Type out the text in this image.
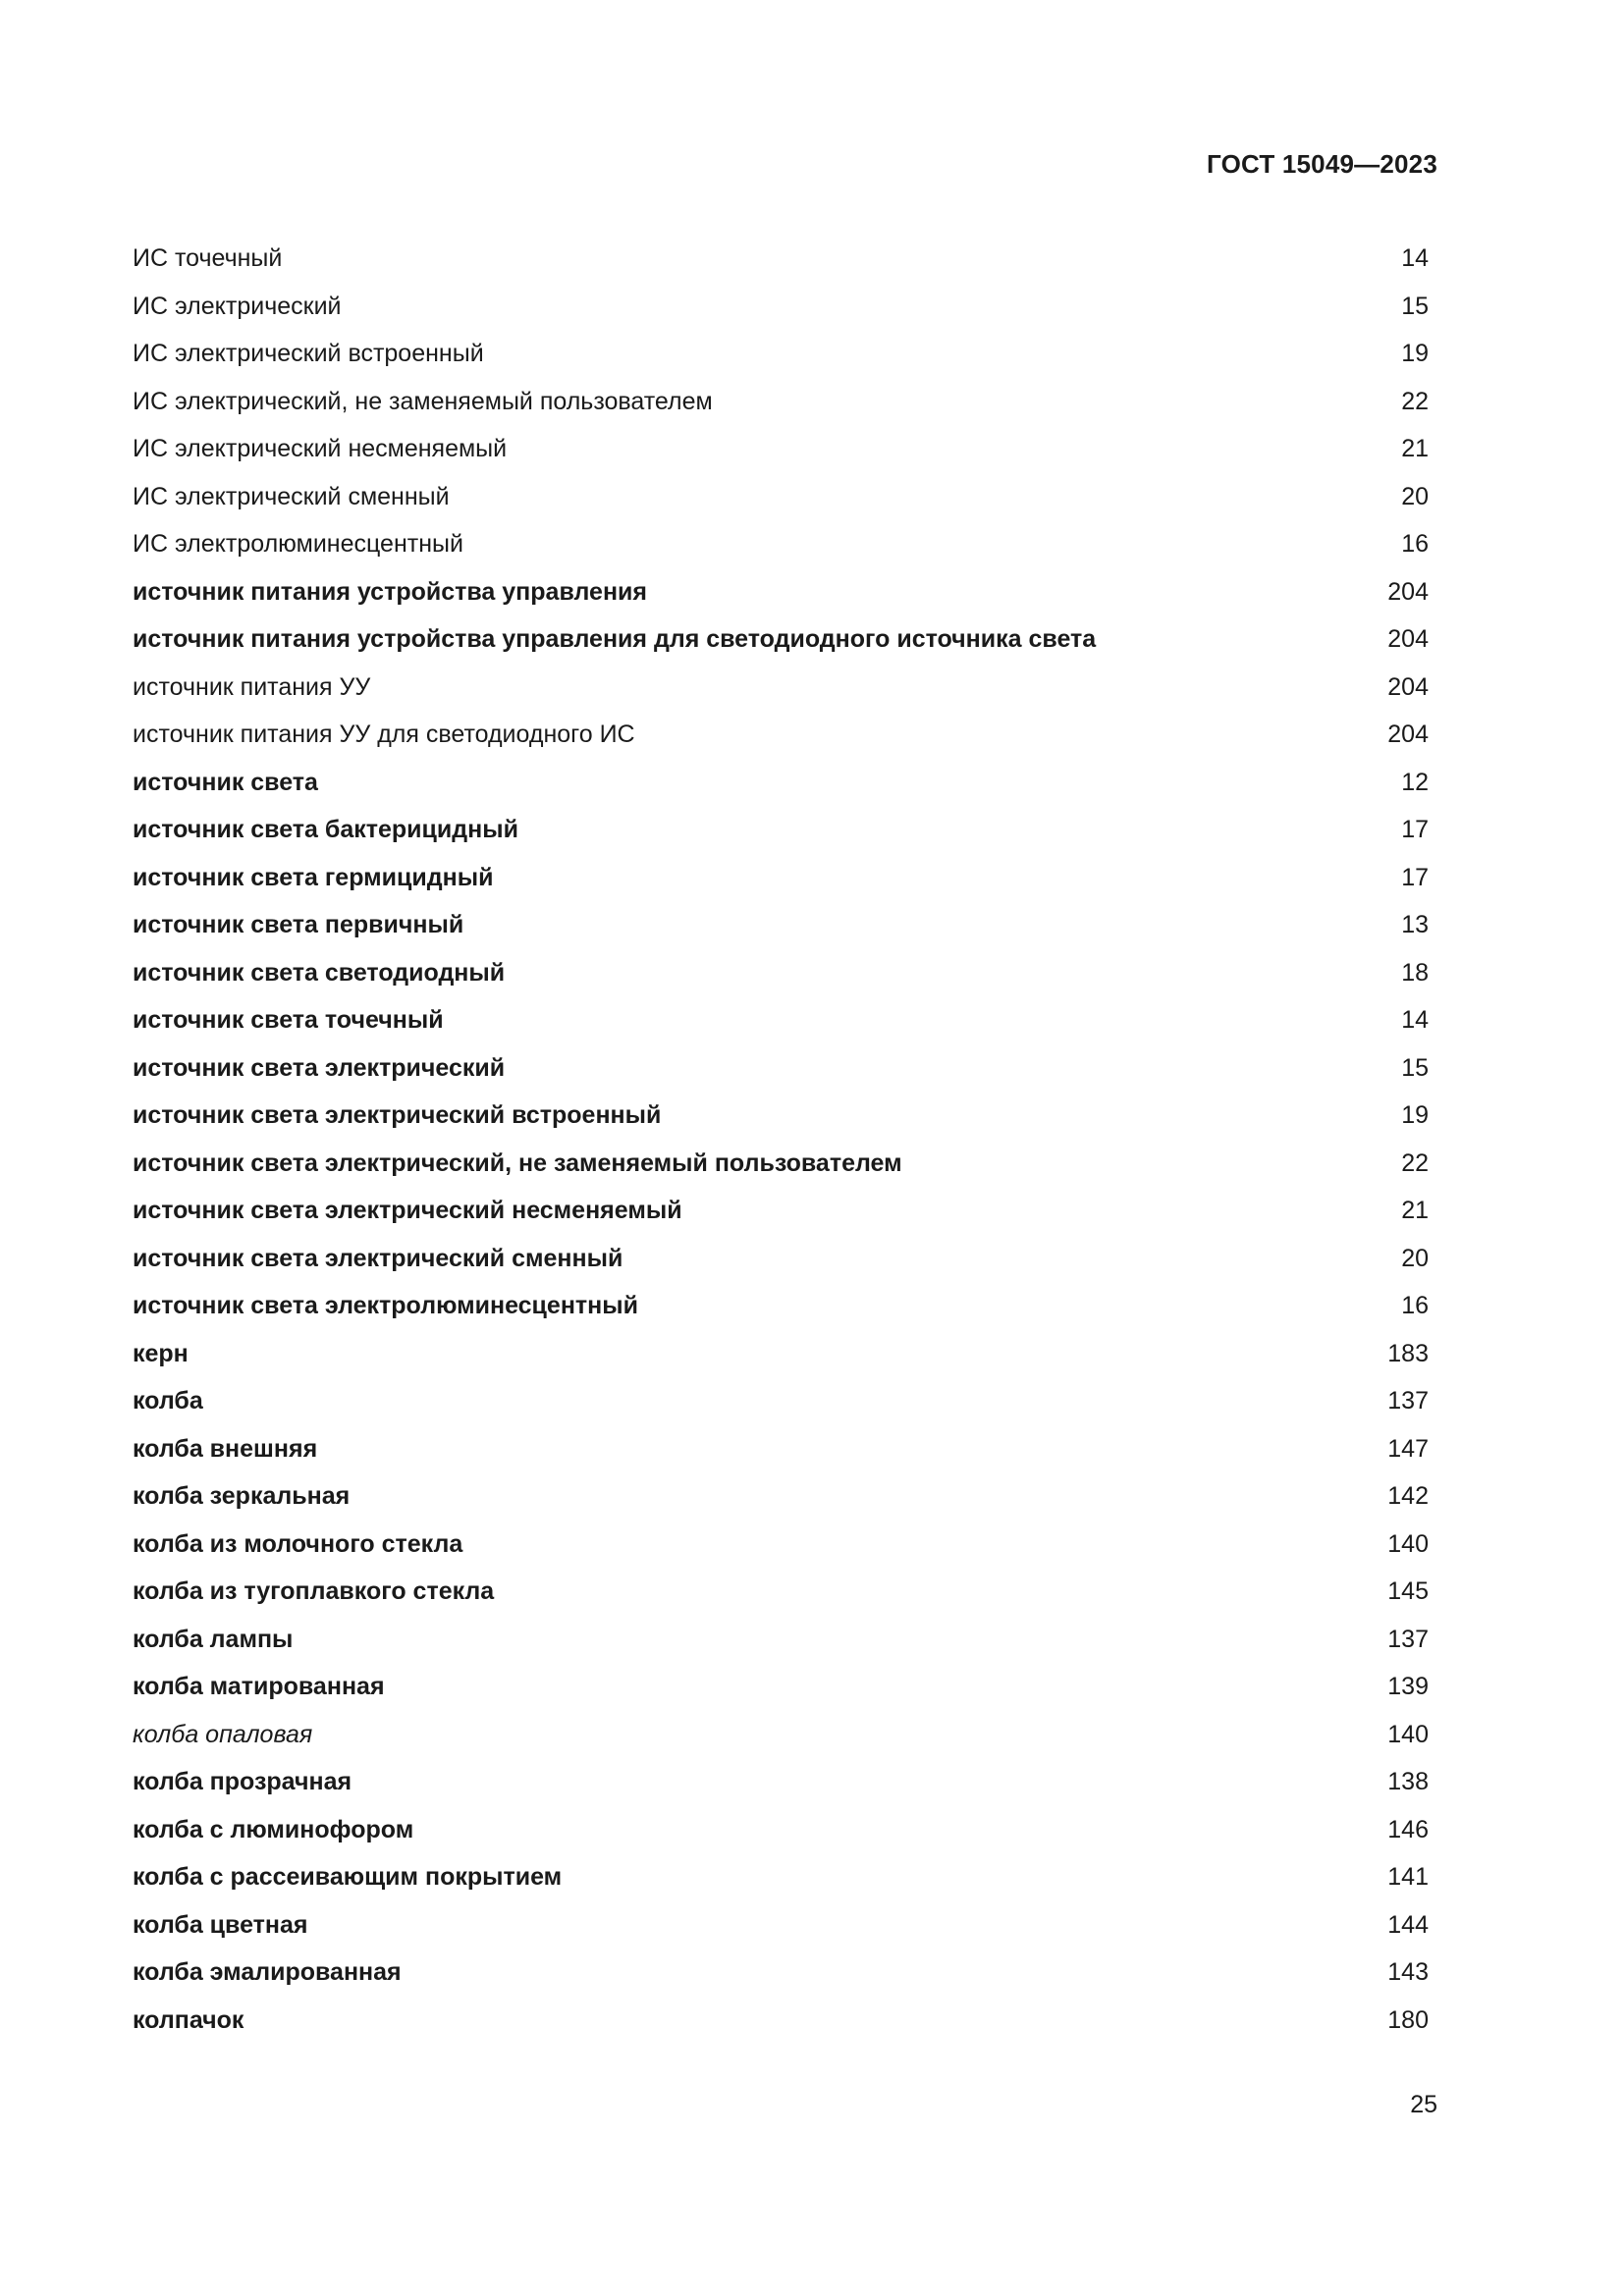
ГОСТ 15049—2023
ИС точечный	14
ИС электрический	15
ИС электрический встроенный	19
ИС электрический, не заменяемый пользователем	22
ИС электрический несменяемый	21
ИС электрический сменный	20
ИС электролюминесцентный	16
источник питания устройства управления	204
источник питания устройства управления для светодиодного источника света	204
источник питания УУ	204
источник питания УУ для светодиодного ИС	204
источник света	12
источник света бактерицидный	17
источник света гермицидный	17
источник света первичный	13
источник света светодиодный	18
источник света точечный	14
источник света электрический	15
источник света электрический встроенный	19
источник света электрический, не заменяемый пользователем	22
источник света электрический несменяемый	21
источник света электрический сменный	20
источник света электролюминесцентный	16
керн	183
колба	137
колба внешняя	147
колба зеркальная	142
колба из молочного стекла	140
колба из тугоплавкого стекла	145
колба лампы	137
колба матированная	139
колба опаловая	140
колба прозрачная	138
колба с люминофором	146
колба с рассеивающим покрытием	141
колба цветная	144
колба эмалированная	143
колпачок	180
25
